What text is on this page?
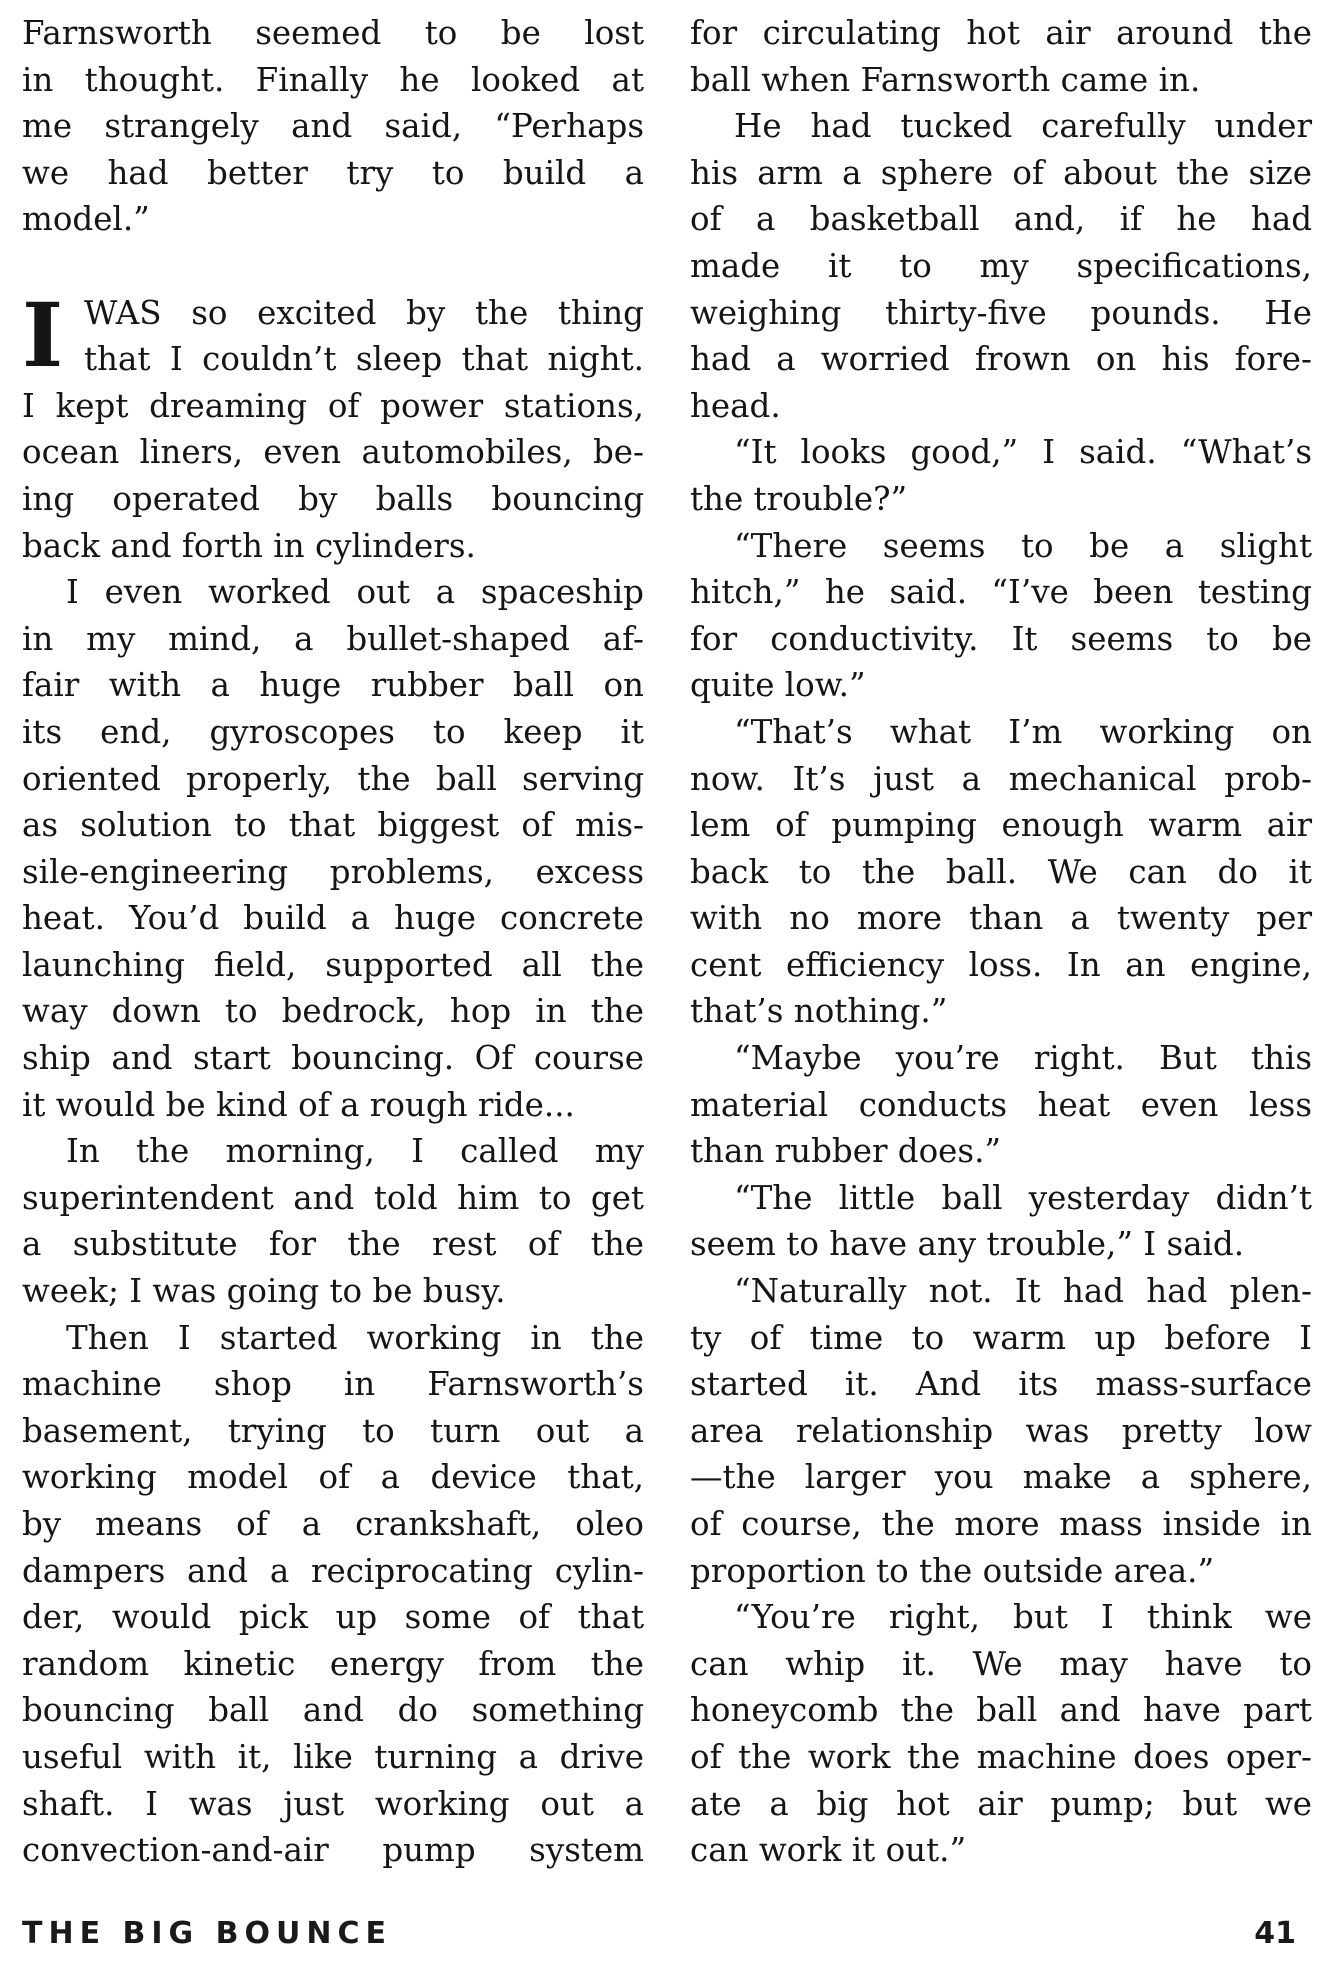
Farnsworth seemed to be lost
in thought. Finally he looked at
me strangely and said, “Perhaps
we had better try to build a
model.”
I WAS so excited by the thing
that I couldn’t sleep that night.
I kept dreaming of power stations,
ocean liners, even automobiles, be-
ing operated by balls bouncing
back and forth in cylinders.
I even worked out a spaceship
in my mind, a bullet-shaped af-
fair with a huge rubber ball on
its end, gyroscopes to keep it
oriented properly, the ball serving
as solution to that biggest of mis-
sile-engineering problems, excess
heat. You’d build a huge concrete
launching field, supported all the
way down to bedrock, hop in the
ship and start bouncing. Of course
it would be kind of a rough ride...
In the morning, I called my
superintendent and told him to get
a substitute for the rest of the
week; I was going to be busy.
Then I started working in the
machine shop in Farnsworth’s
basement, trying to turn out a
working model of a device that,
by means of a crankshaft, oleo
dampers and a reciprocating cylin-
der, would pick up some of that
random kinetic energy from the
bouncing ball and do something
useful with it, like turning a drive
shaft. I was just working out a
convection-and-air pump system
for circulating hot air around the
ball when Farnsworth came in.
He had tucked carefully under
his arm a sphere of about the size
of a basketball and, if he had
made it to my specifications,
weighing thirty-five pounds. He
had a worried frown on his fore-
head.
“It looks good,” I said. “What’s
the trouble?”
“There seems to be a slight
hitch,” he said. “I’ve been testing
for conductivity. It seems to be
quite low.”
“That’s what I’m working on
now. It’s just a mechanical prob-
lem of pumping enough warm air
back to the ball. We can do it
with no more than a twenty per
cent efficiency loss. In an engine,
that’s nothing.”
“Maybe you’re right. But this
material conducts heat even less
than rubber does.”
“The little ball yesterday didn’t
seem to have any trouble,” I said.
“Naturally not. It had had plen-
ty of time to warm up before I
started it. And its mass-surface
area relationship was pretty low
—the larger you make a sphere,
of course, the more mass inside in
proportion to the outside area.”
“You’re right, but I think we
can whip it. We may have to
honeycomb the ball and have part
of the work the machine does oper-
ate a big hot air pump; but we
can work it out.”
THE BIG BOUNCE	41
